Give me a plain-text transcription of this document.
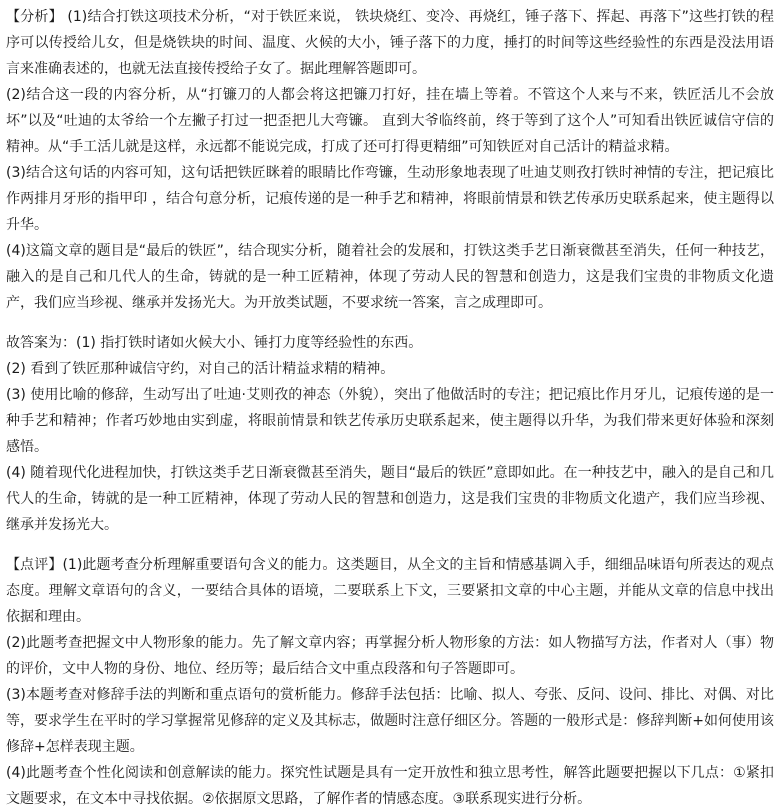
【分析】 (1)结合打铁这项技术分析，“对于铁匠来说， 铁块烧红、变冷、再烧红，锤子落下、挥起、再落下”这些打铁的程序可以传授给儿女，但是烧铁块的时间、温度、火候的大小，锤子落下的力度，捶打的时间等这些经验性的东西是没法用语言来准确表述的，也就无法直接传授给子女了。据此理解答题即可。

(2)结合这一段的内容分析，从“打镰刀的人都会将这把镰刀打好，挂在墙上等着。不管这个人来与不来，铁匠活儿不会放坏”以及“吐迪的太爷给一个左撇子打过一把歪把儿大弯镰。 直到大爷临终前，终于等到了这个人”可知看出铁匠诚信守信的精神。从“手工活儿就是这样，永远都不能说完成，打成了还可打得更精细”可知铁匠对自己活计的精益求精。

(3)结合这句话的内容可知，这句话把铁匠眯着的眼睛比作弯镰，生动形象地表现了吐迪艾则孜打铁时神情的专注，把记痕比作两排月牙形的指甲印 ，结合句意分析，记痕传递的是一种手艺和精神，将眼前情景和铁艺传承历史联系起来，使主题得以升华。

(4)这篇文章的题目是“最后的铁匠”，结合现实分析，随着社会的发展和，打铁这类手艺日渐衰微甚至消失，任何一种技艺，融入的是自己和几代人的生命，铸就的是一种工匠精神，体现了劳动人民的智慧和创造力，这是我们宝贵的非物质文化遗产，我们应当珍视、继承并发扬光大。为开放类试题，不要求统一答案，言之成理即可。

故答案为：(1) 指打铁时诸如火候大小、锤打力度等经验性的东西。

(2) 看到了铁匠那种诚信守约，对自己的活计精益求精的精神。

(3) 使用比喻的修辞，生动写出了吐迪·艾则孜的神态（外貌），突出了他做活时的专注；把记痕比作月牙儿，记痕传递的是一种手艺和精神；作者巧妙地由实到虚，将眼前情景和铁艺传承历史联系起来，使主题得以升华，为我们带来更好体验和深刻感悟。

(4) 随着现代化进程加快，打铁这类手艺日渐衰微甚至消失，题目“最后的铁匠”意即如此。在一种技艺中，融入的是自己和几代人的生命，铸就的是一种工匠精神，体现了劳动人民的智慧和创造力，这是我们宝贵的非物质文化遗产，我们应当珍视、继承并发扬光大。

【点评】(1)此题考查分析理解重要语句含义的能力。这类题目，从全文的主旨和情感基调入手，细细品味语句所表达的观点态度。理解文章语句的含义，一要结合具体的语境，二要联系上下文，三要紧扣文章的中心主题，并能从文章的信息中找出依据和理由。

(2)此题考查把握文中人物形象的能力。先了解文章内容；再掌握分析人物形象的方法：如人物描写方法，作者对人（事）物的评价，文中人物的身份、地位、经历等；最后结合文中重点段落和句子答题即可。

(3)本题考查对修辞手法的判断和重点语句的赏析能力。修辞手法包括：比喻、拟人、夸张、反问、设问、排比、对偶、对比等，要求学生在平时的学习掌握常见修辞的定义及其标志，做题时注意仔细区分。答题的一般形式是：修辞判断+如何使用该修辞+怎样表现主题。

(4)此题考查个性化阅读和创意解读的能力。探究性试题是具有一定开放性和独立思考性，解答此题要把握以下几点：①紧扣文题要求，在文本中寻找依据。②依据原文思路，了解作者的情感态度。③联系现实进行分析。
